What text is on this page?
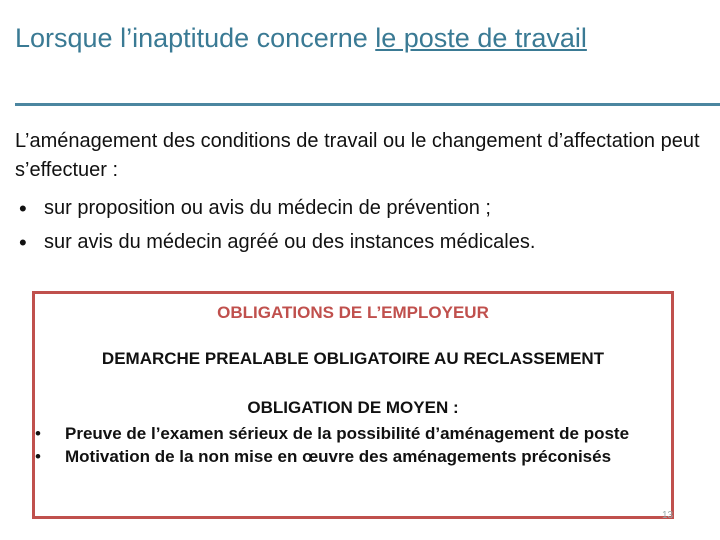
Lorsque l’inaptitude concerne le poste de travail
L’aménagement des conditions de travail ou le changement d’affectation peut s’effectuer :
• sur proposition ou avis du médecin de prévention ;
• sur avis du médecin agréé ou des instances médicales.
OBLIGATIONS DE L’EMPLOYEUR
DEMARCHE PREALABLE OBLIGATOIRE AU RECLASSEMENT
OBLIGATION DE MOYEN :
• Preuve de l’examen sérieux de la possibilité d’aménagement de poste
• Motivation de la non mise en œuvre des aménagements préconisés
13
